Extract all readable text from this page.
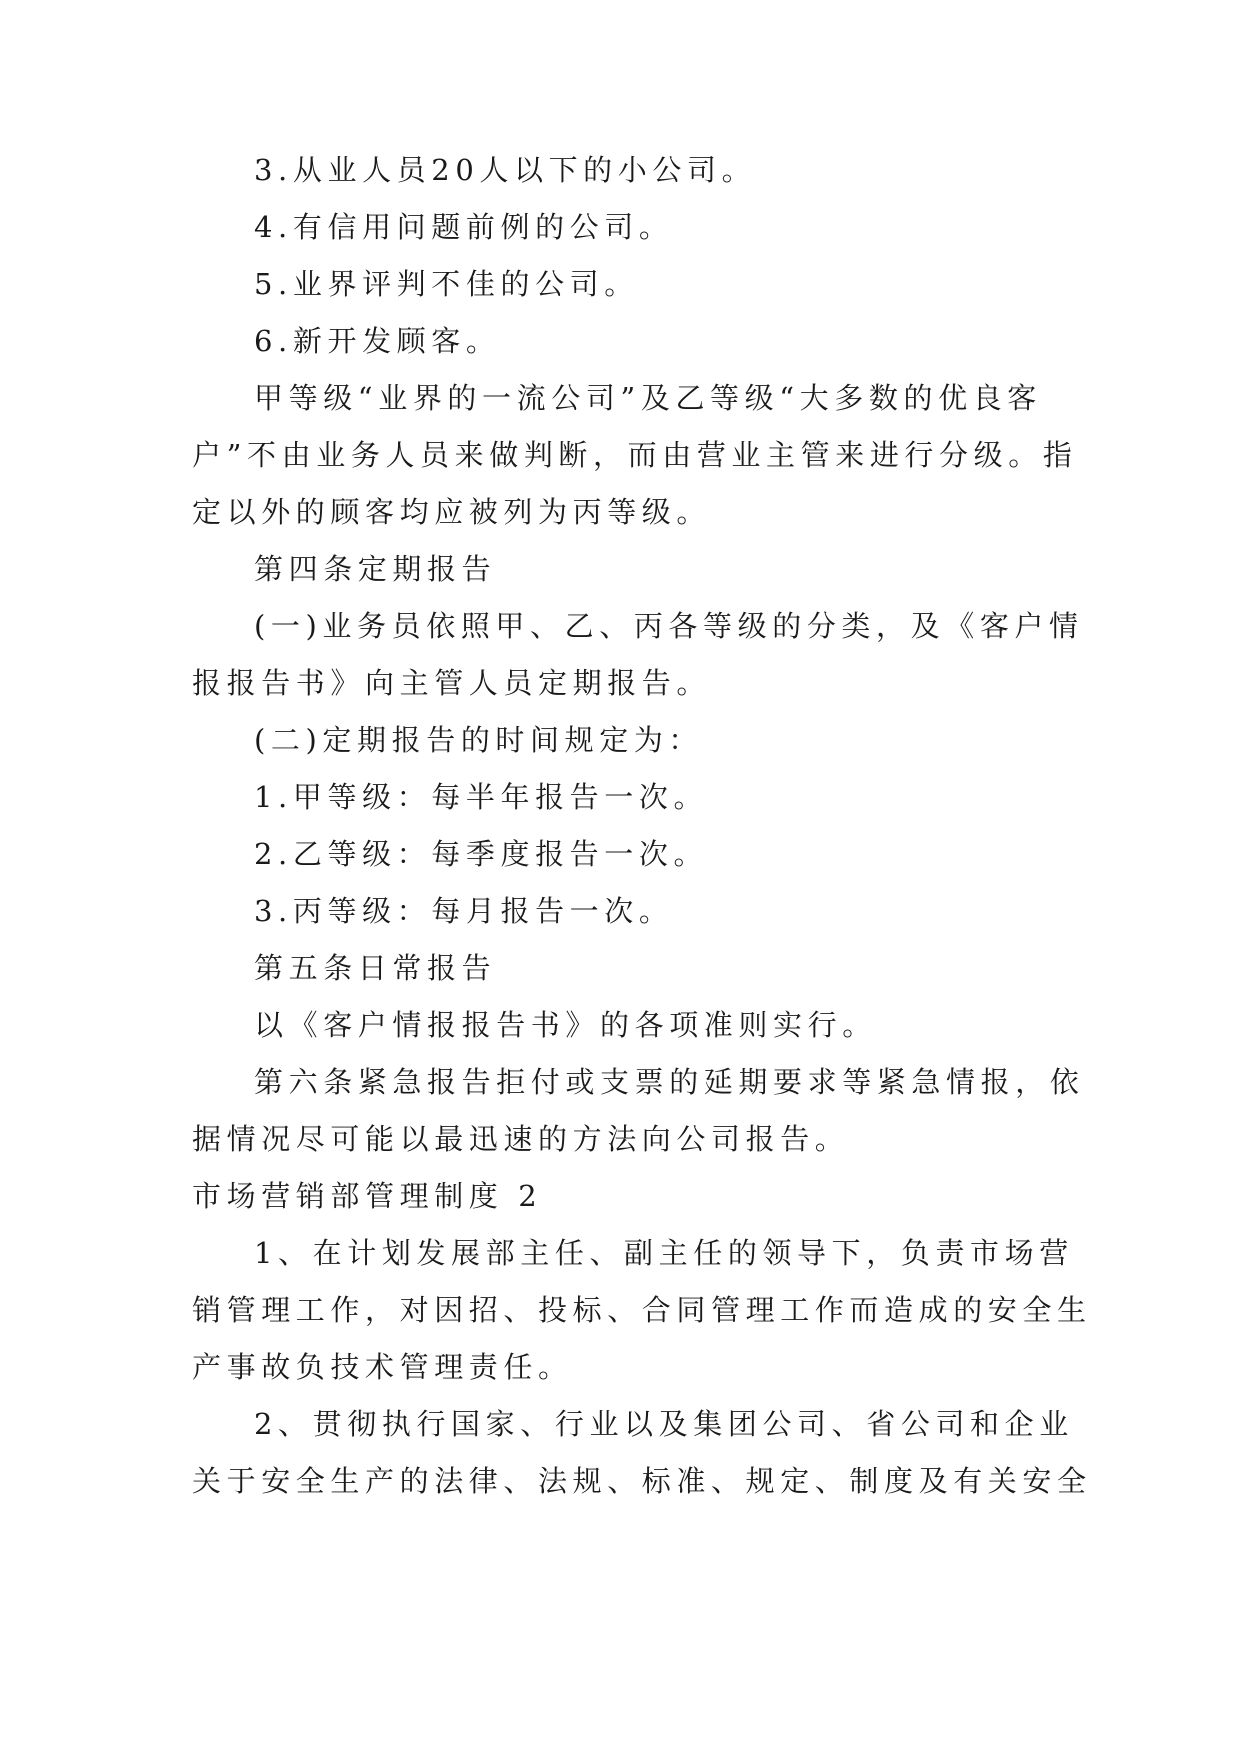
3.从业人员20人以下的小公司。
4.有信用问题前例的公司。
5.业界评判不佳的公司。
6.新开发顾客。
甲等级“业界的一流公司”及乙等级“大多数的优良客
户”不由业务人员来做判断，而由营业主管来进行分级。指
定以外的顾客均应被列为丙等级。
第四条定期报告
(一)业务员依照甲、乙、丙各等级的分类，及《客户情
报报告书》向主管人员定期报告。
(二)定期报告的时间规定为：
1.甲等级：每半年报告一次。
2.乙等级：每季度报告一次。
3.丙等级：每月报告一次。
第五条日常报告
以《客户情报报告书》的各项准则实行。
第六条紧急报告拒付或支票的延期要求等紧急情报，依
据情况尽可能以最迅速的方法向公司报告。
市场营销部管理制度 2
1、在计划发展部主任、副主任的领导下，负责市场营
销管理工作，对因招、投标、合同管理工作而造成的安全生
产事故负技术管理责任。
2、贯彻执行国家、行业以及集团公司、省公司和企业
关于安全生产的法律、法规、标准、规定、制度及有关安全
